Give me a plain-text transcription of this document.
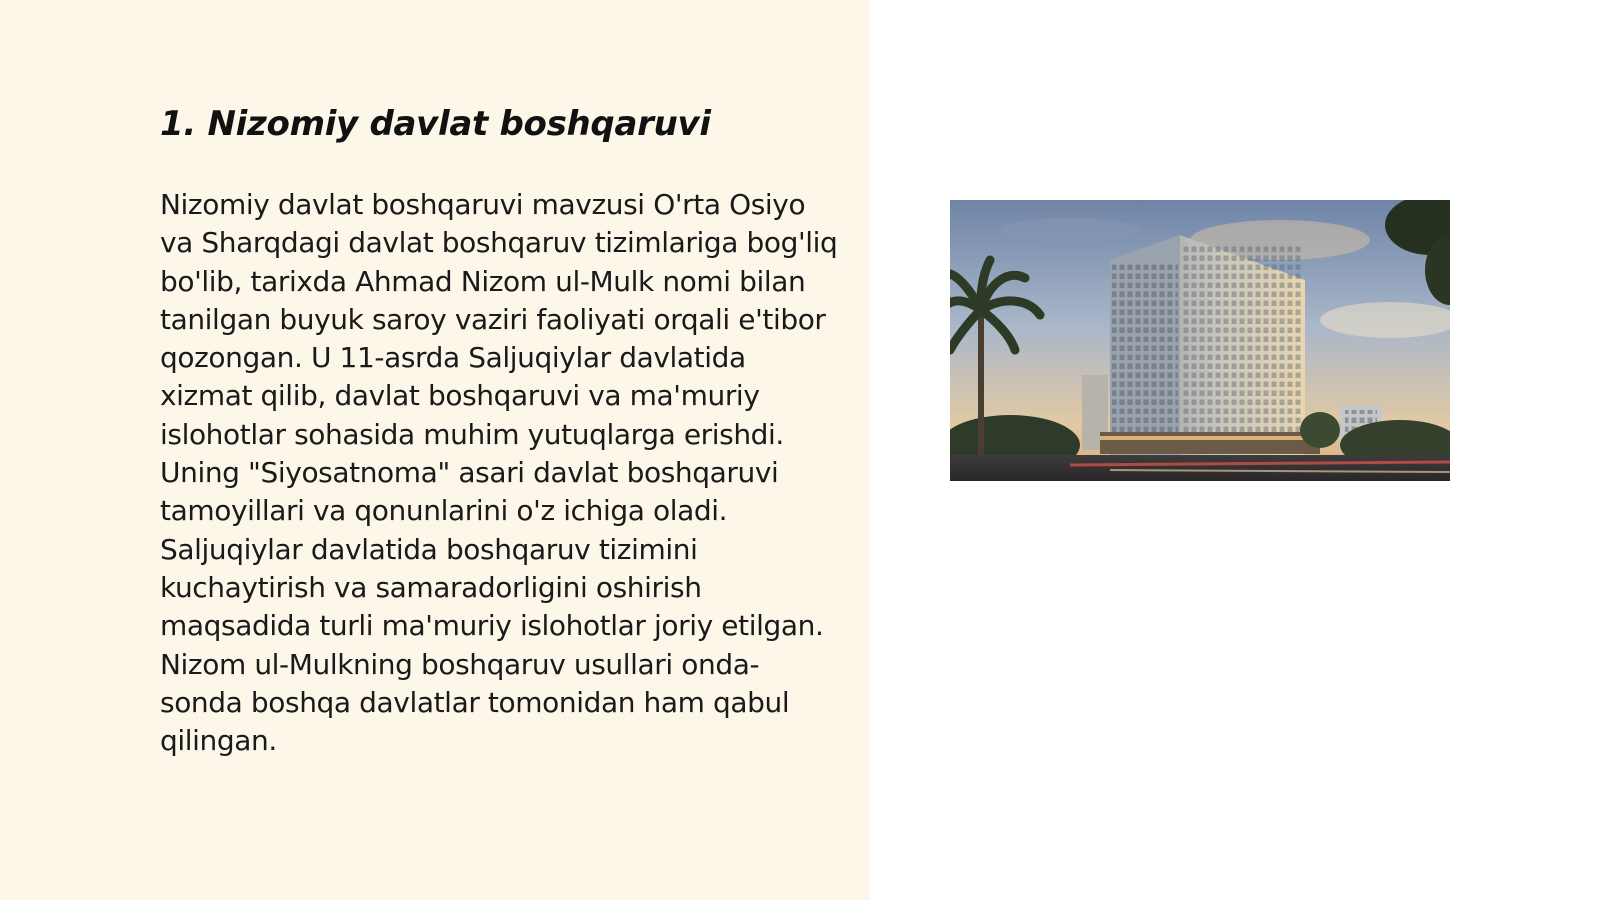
1. Nizomiy davlat boshqaruvi

Nizomiy davlat boshqaruvi mavzusi O'rta Osiyo va Sharqdagi davlat boshqaruv tizimlariga bog'liq bo'lib, tarixda Ahmad Nizom ul-Mulk nomi bilan tanilgan buyuk saroy vaziri faoliyati orqali e'tibor qozongan. U 11-asrda Saljuqiylar davlatida xizmat qilib, davlat boshqaruvi va ma'muriy islohotlar sohasida muhim yutuqlarga erishdi. Uning "Siyosatnoma" asari davlat boshqaruvi tamoyillari va qonunlarini o'z ichiga oladi. Saljuqiylar davlatida boshqaruv tizimini kuchaytirish va samaradorligini oshirish maqsadida turli ma'muriy islohotlar joriy etilgan. Nizom ul-Mulkning boshqaruv usullari onda-sonda boshqa davlatlar tomonidan ham qabul qilingan.
